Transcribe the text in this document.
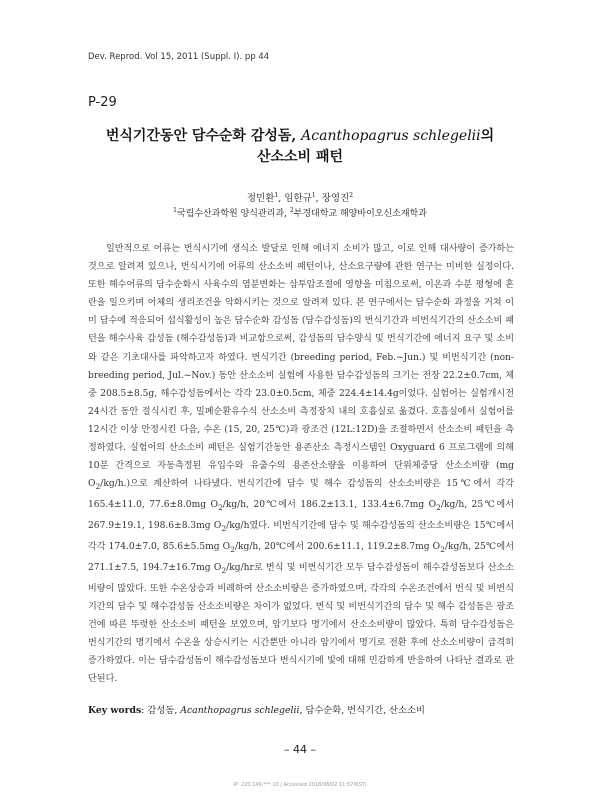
Dev. Reprod. Vol 15, 2011 (Suppl. I). pp 44
P-29
번식기간동안 담수순화 감성돔, Acanthopagrus schlegelii의
산소소비 패턴
정민환$^1$, 임한규$^1$, 장영진$^2$
$^1$국립수산과학원 양식관리과, $^2$부경대학교 해양바이오신소재학과

일반적으로 어류는 번식시기에 생식소 발달로 인해 에너지 소비가 많고, 이로 인해 대사량이 증가하는 것으로 알려져 있으나, 번식시기에 어류의 산소소비 패턴이나, 산소요구량에 관한 연구는 미비한 실정이다. 또한 해수어류의 담수순화시 사육수의 염분변화는 삼투압조절에 영향을 미침으로써, 이온과 수분 평형에 혼란을 일으키며 어체의 생리조건을 악화시키는 것으로 알려져 있다. 본 연구에서는 담수순화 과정을 거쳐 이미 담수에 적응되어 섭식활성이 높은 담수순화 감성돔 (담수감성돔)의 번식기간과 비번식기간의 산소소비 패턴을 해수사육 감성돔 (해수감성돔)과 비교함으로써, 감성돔의 담수양식 및 번식기간에 에너지 요구 및 소비와 같은 기초대사를 파악하고자 하였다. 번식기간 (breeding period, Feb.~Jun.) 및 비번식기간 (non-breeding period, Jul.~Nov.) 동안 산소소비 실험에 사용한 담수감성돔의 크기는 전장 22.2±0.7cm, 체중 208.5±8.5g, 해수감성돔에서는 각각 23.0±0.5cm, 체중 224.4±14.4g이었다. 실험어는 실험개시전 24시간 동안 절식시킨 후, 밀폐순환유수식 산소소비 측정장치 내의 호흡실로 옮겼다. 호흡실에서 실험어를 12시간 이상 안정시킨 다음, 수온 (15, 20, 25℃)과 광조건 (12L:12D)을 조절하면서 산소소비 패턴을 측정하였다. 실험어의 산소소비 패턴은 실험기간동안 용존산소 측정시스템인 Oxyguard 6 프로그램에 의해 10분 간격으로 자동측정된 유입수와 유출수의 용존산소량을 이용하여 단위체중당 산소소비량 (mg $O_2/kg/h$.)으로 계산하여 나타냈다. 번식기간에 담수 및 해수 감성돔의 산소소비량은 15℃에서 각각 165.4±11.0, 77.6±8.0mg $O_2/kg/h$, 20℃에서 186.2±13.1, 133.4±6.7mg $O_2/kg/h$, 25℃에서 267.9±19.1, 198.6±8.3mg $O_2/kg/h$였다. 비번식기간에 담수 및 해수감성돔의 산소소비량은 15℃에서 각각 174.0±7.0, 85.6±5.5mg $O_2/kg/h$, 20℃에서 200.6±11.1, 119.2±8.7mg $O_2/kg/h$, 25℃에서 271.1±7.5, 194.7±16.7mg $O_2/kg/hr$로 번식 및 비번식기간 모두 담수감성돔이 해수감성돔보다 산소소비량이 많았다. 또한 수온상승과 비례하여 산소소비량은 증가하였으며, 각각의 수온조건에서 번식 및 비번식 기간의 담수 및 해수감성돔 산소소비량은 차이가 없었다. 번식 및 비번식기간의 담수 및 해수 감성돔은 광조건에 따른 뚜렷한 산소소비 패턴을 보였으며, 암기보다 명기에서 산소소비량이 많았다. 특히 담수감성돔은 번식기간의 명기에서 수온을 상승시키는 시간뿐만 아니라 암기에서 명기로 전환 후에 산소소비량이 급격히 증가하였다. 이는 담수감성돔이 해수감성돔보다 번식시기에 빛에 대해 민감하게 반응하여 나타난 결과로 판단된다.

Key words: 감성돔, Acanthopagrus schlegelii, 담수순화, 번식기간, 산소소비
– 44 –
IP: 220.149.***.10 | Accessed 2018/08/02 11:57(KST)
